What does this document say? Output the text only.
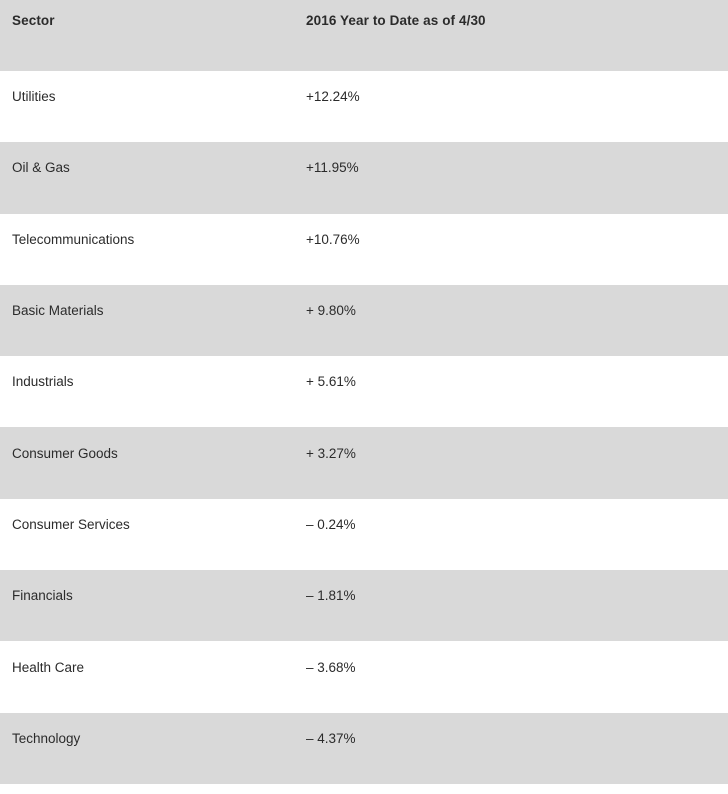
Sector	2016 Year to Date as of 4/30

Utilities	+12.24%

Oil & Gas	+11.95%

Telecommunications	+10.76%

Basic Materials	+ 9.80%

Industrials	+ 5.61%

Consumer Goods	+ 3.27%

Consumer Services	– 0.24%

Financials	– 1.81%

Health Care	– 3.68%

Technology	– 4.37%
